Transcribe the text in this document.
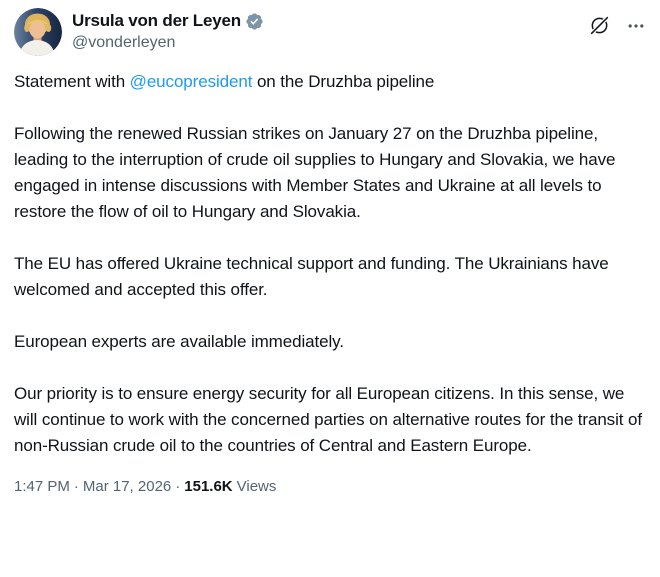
Ursula von der Leyen
@vonderleyen

Statement with @eucopresident on the Druzhba pipeline

Following the renewed Russian strikes on January 27 on the Druzhba pipeline, leading to the interruption of crude oil supplies to Hungary and Slovakia, we have engaged in intense discussions with Member States and Ukraine at all levels to restore the flow of oil to Hungary and Slovakia.

The EU has offered Ukraine technical support and funding. The Ukrainians have welcomed and accepted this offer.

European experts are available immediately.

Our priority is to ensure energy security for all European citizens. In this sense, we will continue to work with the concerned parties on alternative routes for the transit of non-Russian crude oil to the countries of Central and Eastern Europe.

1:47 PM · Mar 17, 2026 · 151.6K Views
